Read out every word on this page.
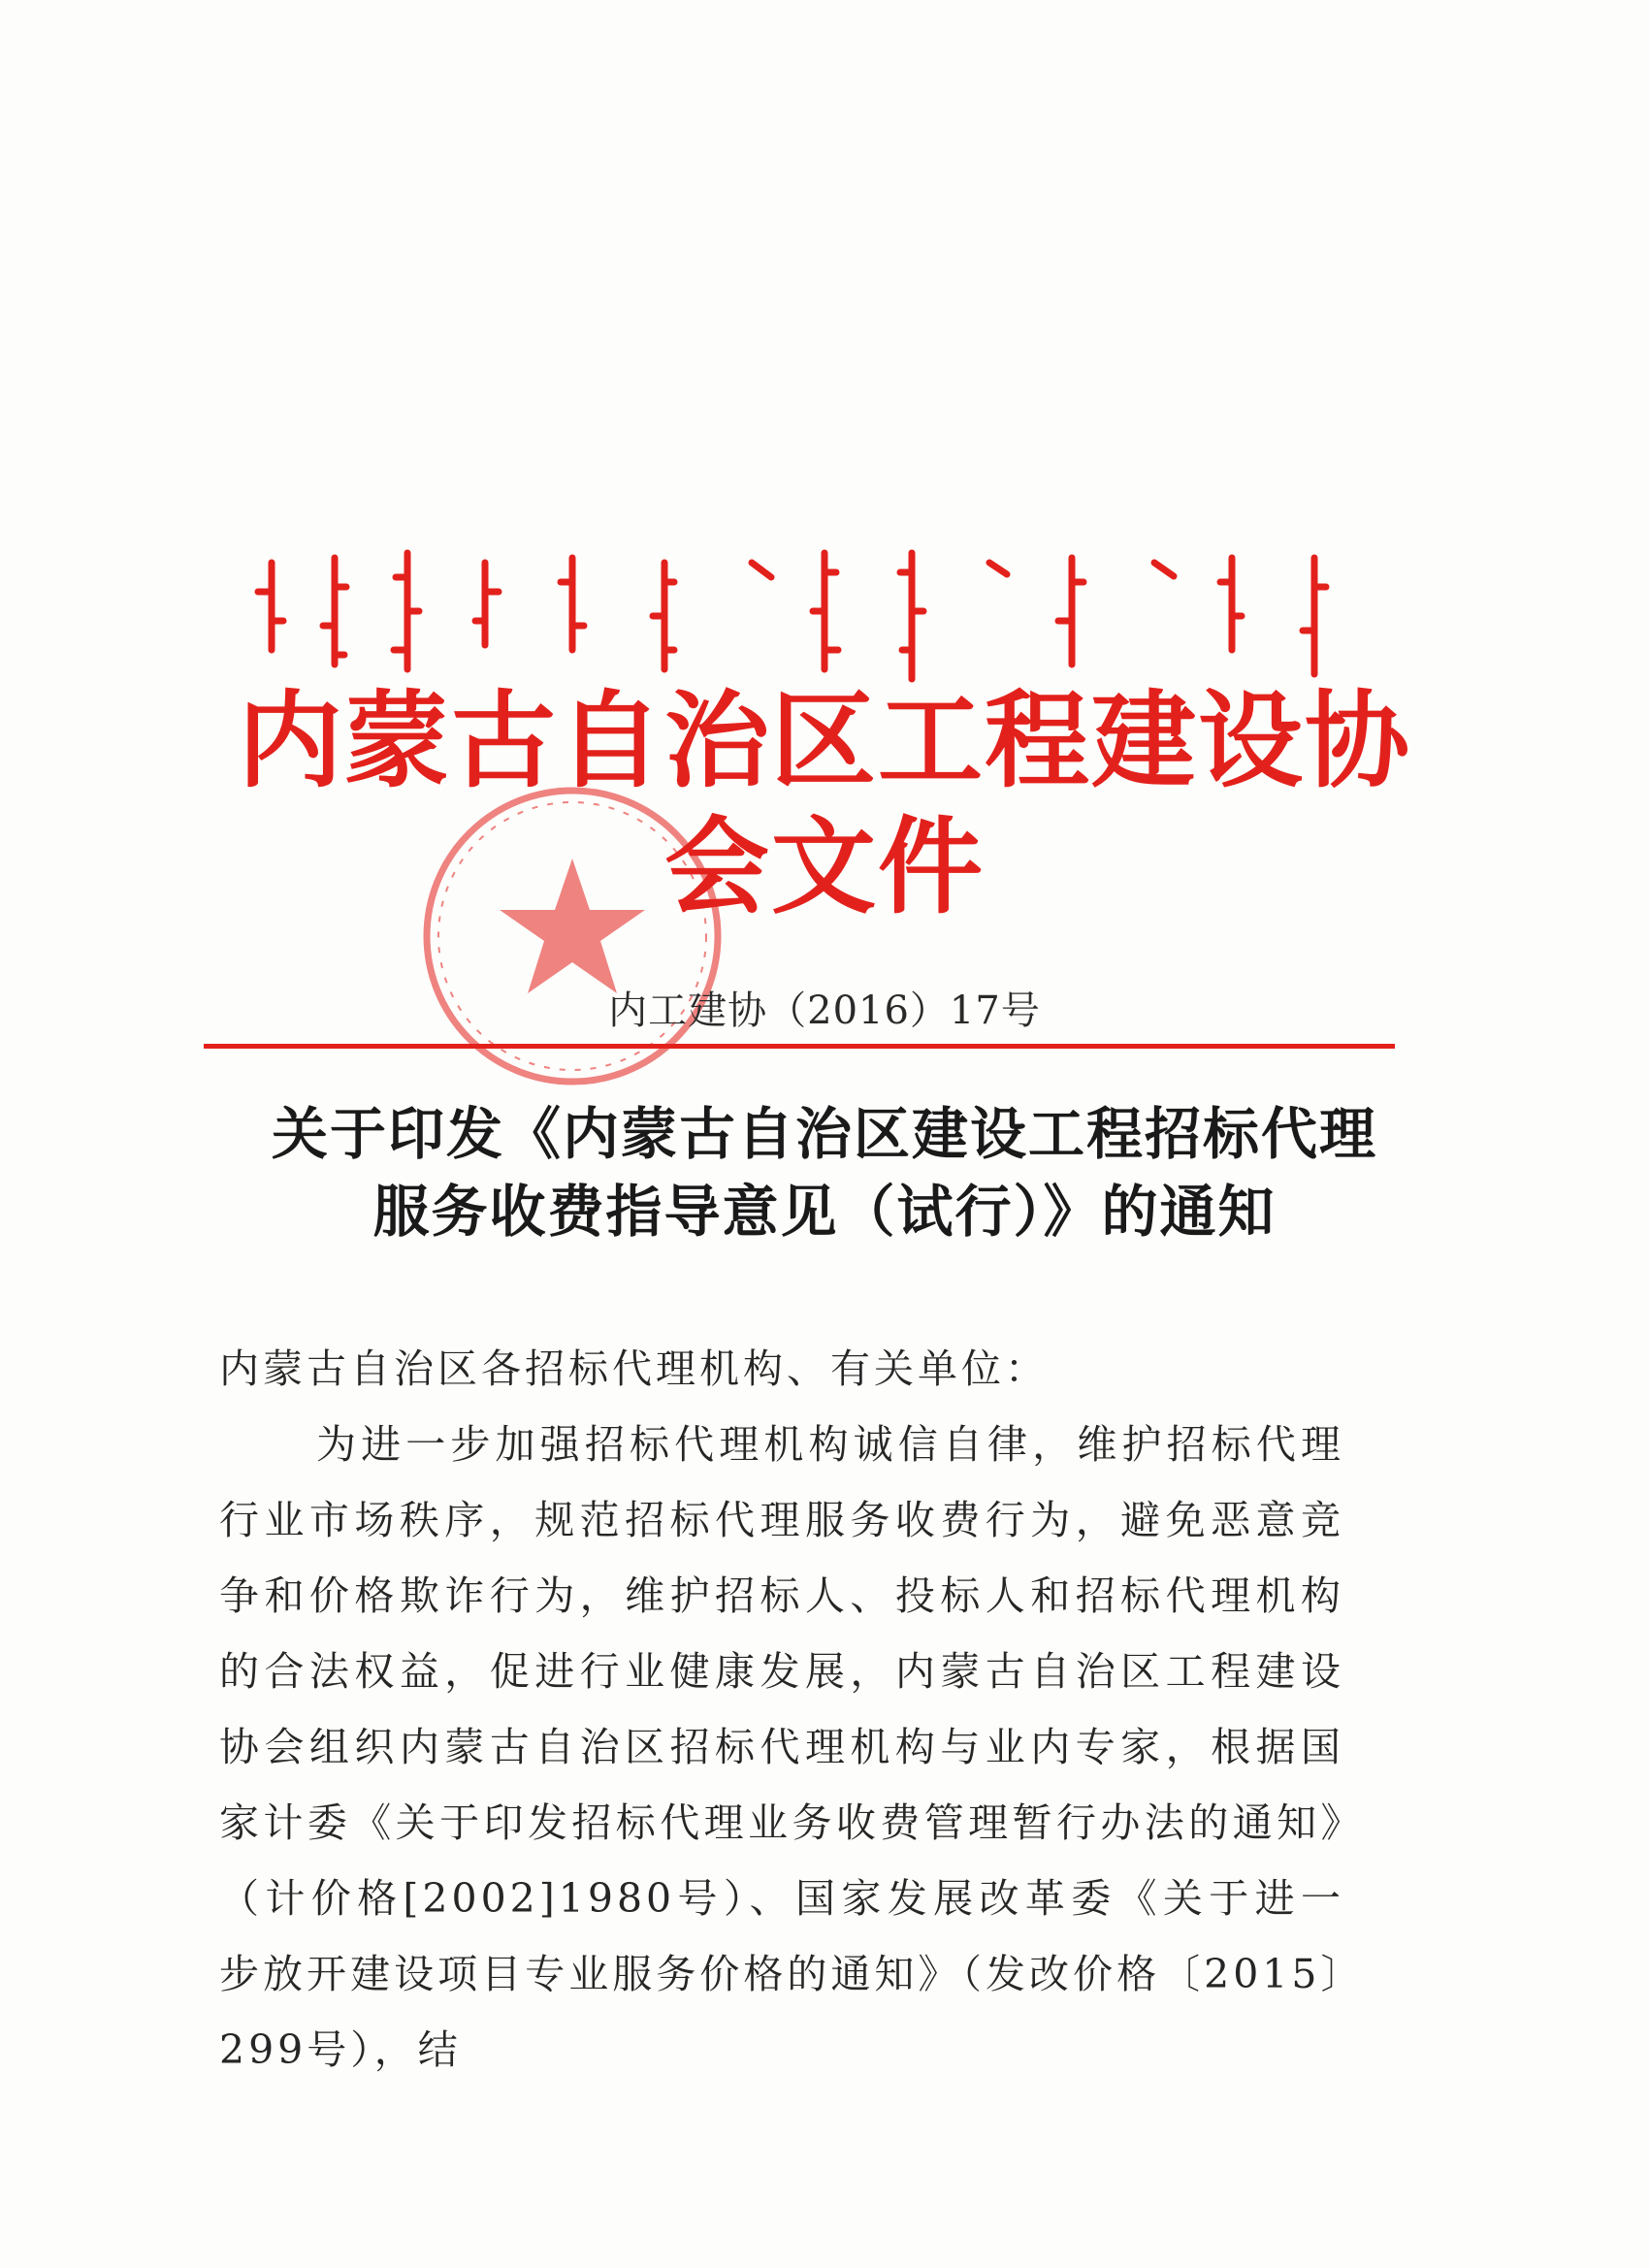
内蒙古自治区工程建设协会文件
内工建协（2016）17号
关于印发《内蒙古自治区建设工程招标代理
服务收费指导意见（试行）》的通知
内蒙古自治区各招标代理机构、有关单位：
为进一步加强招标代理机构诚信自律，维护招标代理行业市场秩序，规范招标代理服务收费行为，避免恶意竞争和价格欺诈行为，维护招标人、投标人和招标代理机构的合法权益，促进行业健康发展，内蒙古自治区工程建设协会组织内蒙古自治区招标代理机构与业内专家，根据国家计委《关于印发招标代理业务收费管理暂行办法的通知》（计价格[2002]1980号）、国家发展改革委《关于进一步放开建设项目专业服务价格的通知》（发改价格〔2015〕299号），结
